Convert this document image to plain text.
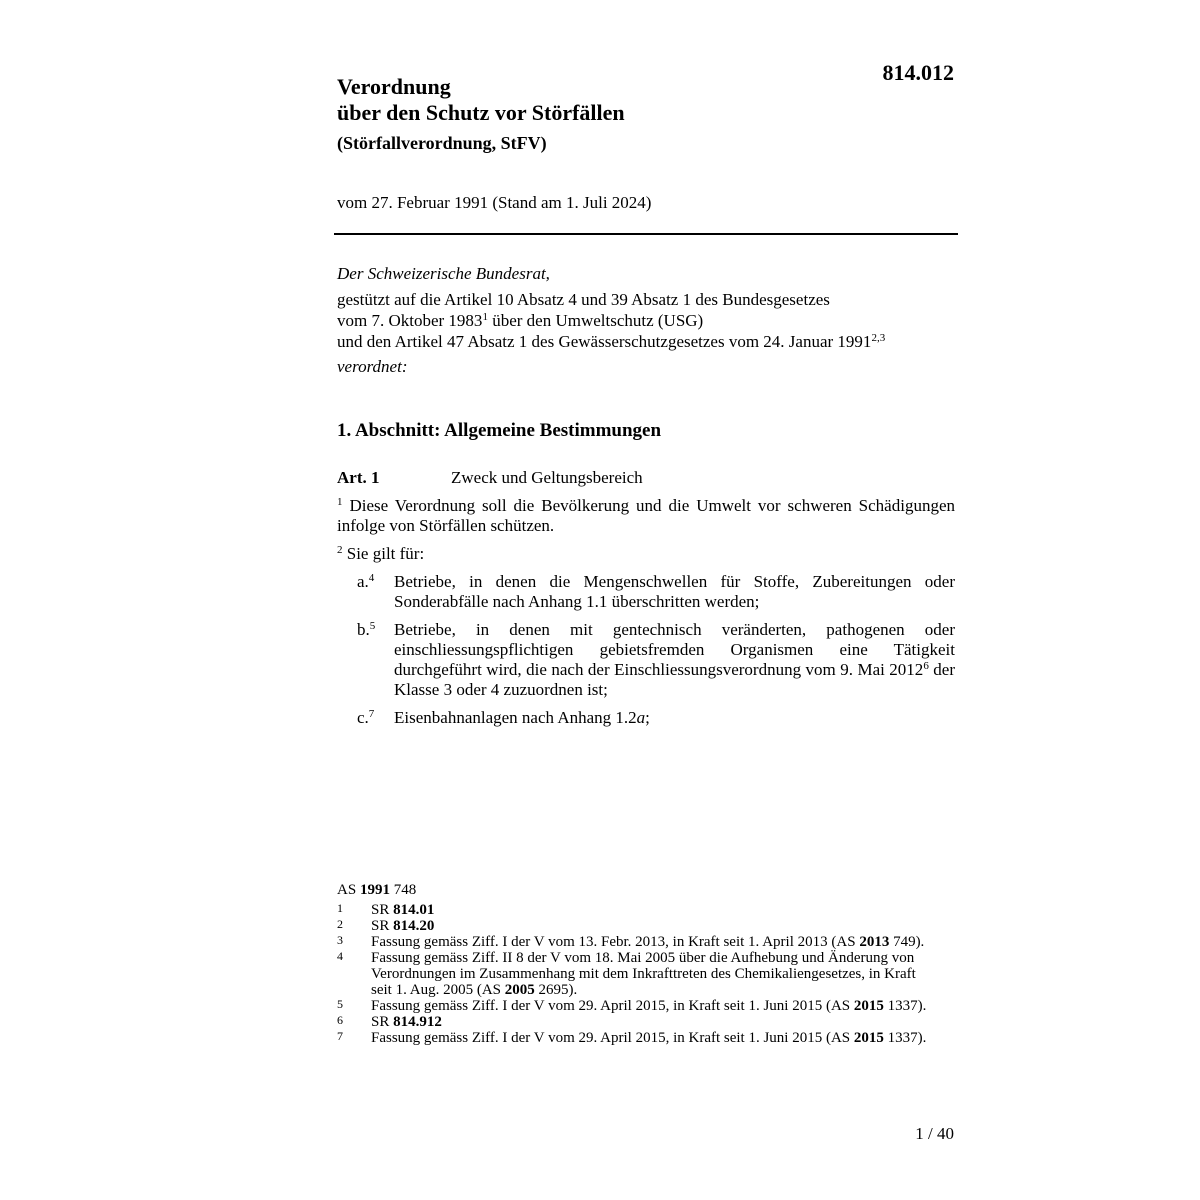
814.012
Verordnung
über den Schutz vor Störfällen
(Störfallverordnung, StFV)
vom 27. Februar 1991 (Stand am 1. Juli 2024)
Der Schweizerische Bundesrat,
gestützt auf die Artikel 10 Absatz 4 und 39 Absatz 1 des Bundesgesetzes
vom 7. Oktober 1983$^1$ über den Umweltschutz (USG)
und den Artikel 47 Absatz 1 des Gewässerschutzgesetzes vom 24. Januar 1991$^{2,3}$
verordnet:
1. Abschnitt: Allgemeine Bestimmungen
Art. 1	Zweck und Geltungsbereich
$^1$ Diese Verordnung soll die Bevölkerung und die Umwelt vor schweren Schädigungen infolge von Störfällen schützen.
$^2$ Sie gilt für:
a.$^4$	Betriebe, in denen die Mengenschwellen für Stoffe, Zubereitungen oder Sonderabfälle nach Anhang 1.1 überschritten werden;
b.$^5$	Betriebe, in denen mit gentechnisch veränderten, pathogenen oder einschliessungspflichtigen gebietsfremden Organismen eine Tätigkeit durchgeführt wird, die nach der Einschliessungsverordnung vom 9. Mai 2012$^6$ der Klasse 3 oder 4 zuzuordnen ist;
c.$^7$	Eisenbahnanlagen nach Anhang 1.2a;
AS 1991 748
1	SR 814.01
2	SR 814.20
3	Fassung gemäss Ziff. I der V vom 13. Febr. 2013, in Kraft seit 1. April 2013 (AS 2013 749).
4	Fassung gemäss Ziff. II 8 der V vom 18. Mai 2005 über die Aufhebung und Änderung von Verordnungen im Zusammenhang mit dem Inkrafttreten des Chemikaliengesetzes, in Kraft seit 1. Aug. 2005 (AS 2005 2695).
5	Fassung gemäss Ziff. I der V vom 29. April 2015, in Kraft seit 1. Juni 2015 (AS 2015 1337).
6	SR 814.912
7	Fassung gemäss Ziff. I der V vom 29. April 2015, in Kraft seit 1. Juni 2015 (AS 2015 1337).
1 / 40
